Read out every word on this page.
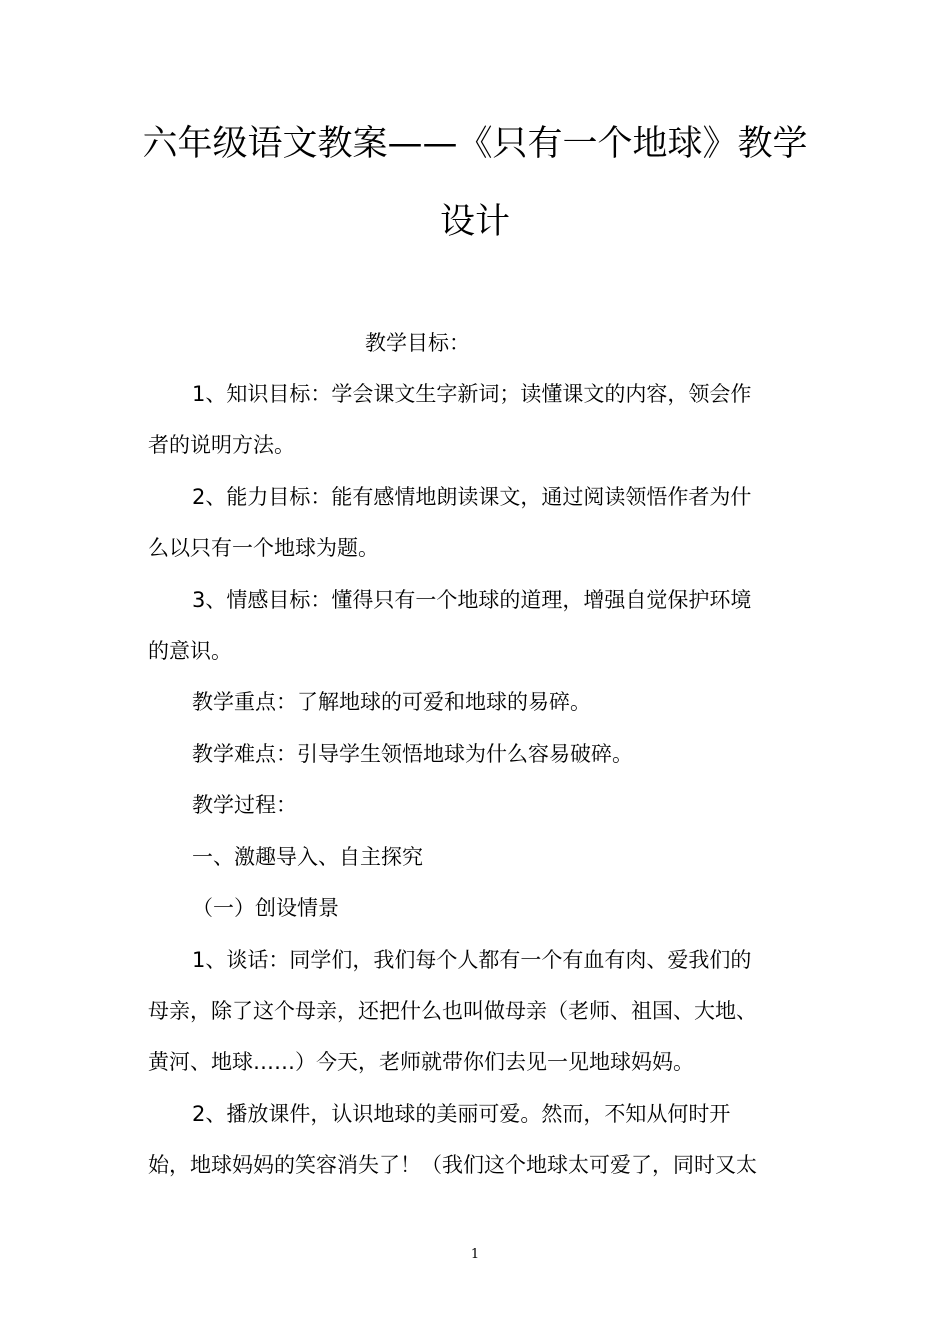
六年级语文教案——《只有一个地球》教学
设计
教学目标：
1、知识目标：学会课文生字新词；读懂课文的内容，领会作
者的说明方法。
2、能力目标：能有感情地朗读课文，通过阅读领悟作者为什
么以只有一个地球为题。
3、情感目标：懂得只有一个地球的道理，增强自觉保护环境
的意识。
教学重点：了解地球的可爱和地球的易碎。
教学难点：引导学生领悟地球为什么容易破碎。
教学过程：
一、激趣导入、自主探究
（一）创设情景
1、谈话：同学们，我们每个人都有一个有血有肉、爱我们的
母亲，除了这个母亲，还把什么也叫做母亲（老师、祖国、大地、
黄河、地球……）今天，老师就带你们去见一见地球妈妈。
2、播放课件，认识地球的美丽可爱。然而，不知从何时开
始，地球妈妈的笑容消失了！（我们这个地球太可爱了，同时又太
1
